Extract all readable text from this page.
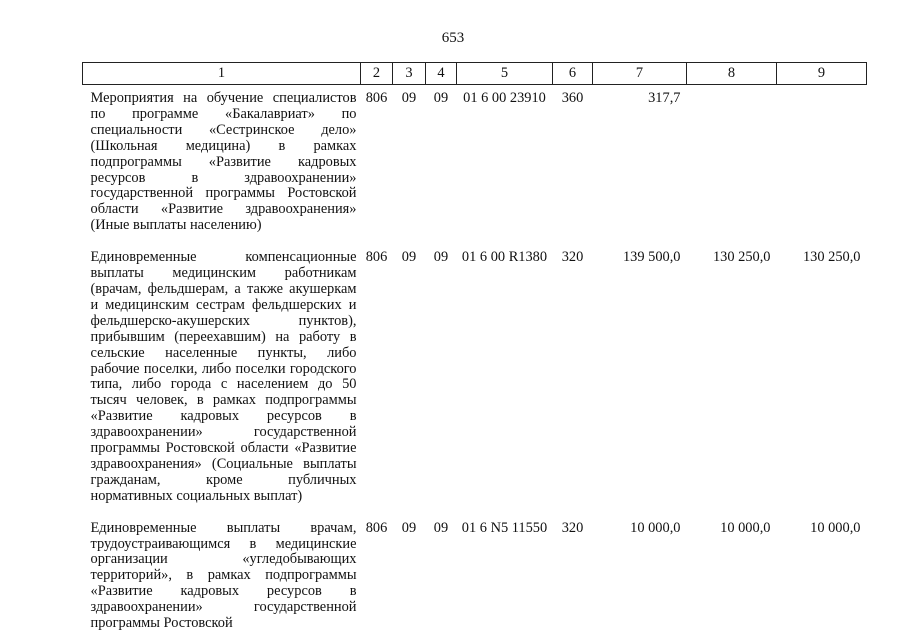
653
1	2	3	4	5	6	7	8	9
Мероприятия на обучение специалистов по программе «Бакалавриат» по специальности «Сестринское дело» (Школьная медицина) в рамках подпрограммы «Развитие кадровых ресурсов в здравоохранении» государственной программы Ростовской области «Развитие здравоохранения» (Иные выплаты населению)	806	09	09	01 6 00 23910	360	317,7		
Единовременные компенсационные выплаты медицинским работникам (врачам, фельдшерам, а также акушеркам и медицинским сестрам фельдшерских и фельдшерско-акушерских пунктов), прибывшим (переехавшим) на работу в сельские населенные пункты, либо рабочие поселки, либо поселки городского типа, либо города с населением до 50 тысяч человек, в рамках подпрограммы «Развитие кадровых ресурсов в здравоохранении» государственной программы Ростовской области «Развитие здравоохранения» (Социальные выплаты гражданам, кроме публичных нормативных социальных выплат)	806	09	09	01 6 00 R1380	320	139 500,0	130 250,0	130 250,0
Единовременные выплаты врачам, трудоустраивающимся в медицинские организации «угледобывающих территорий», в рамках подпрограммы «Развитие кадровых ресурсов в здравоохранении» государственной программы Ростовской	806	09	09	01 6 N5 11550	320	10 000,0	10 000,0	10 000,0
